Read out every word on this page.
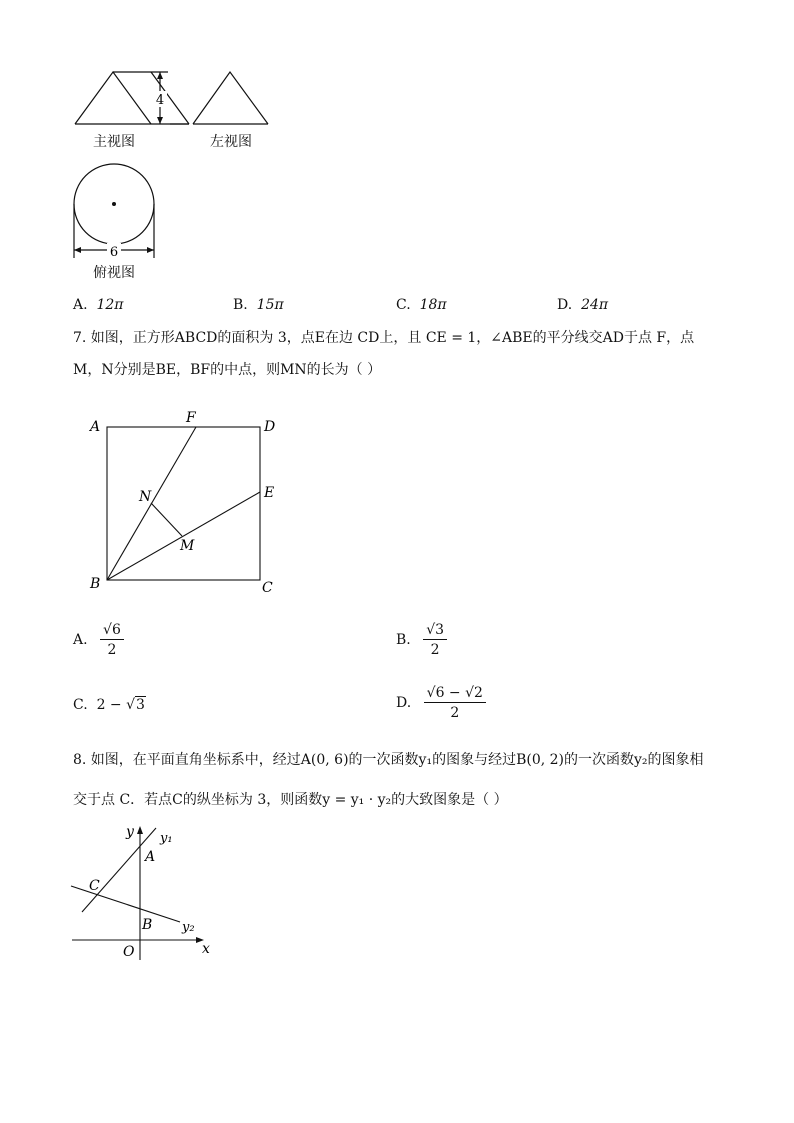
4
6
主视图	左视图
俯视图
A. 12π	B. 15π	C. 18π	D. 24π
7. 如图，正方形ABCD的面积为 3，点E在边 CD上，且 CE = 1，∠ABE的平分线交AD于点 F，点
M，N分别是BE，BF的中点，则MN的长为（ ）
A
F
D
E
N
M
B	C
A. $\frac{√6}{2}$	B. $\frac{√3}{2}$
C. 2 − √3	D. $\frac{√6 - √2}{2}$
8. 如图，在平面直角坐标系中，经过A(0, 6)的一次函数y₁的图象与经过B(0, 2)的一次函数y₂的图象相
交于点 C．若点C的纵坐标为 3，则函数y = y₁ · y₂的大致图象是（ ）
y y₁
A
C
B y₂
O	x
